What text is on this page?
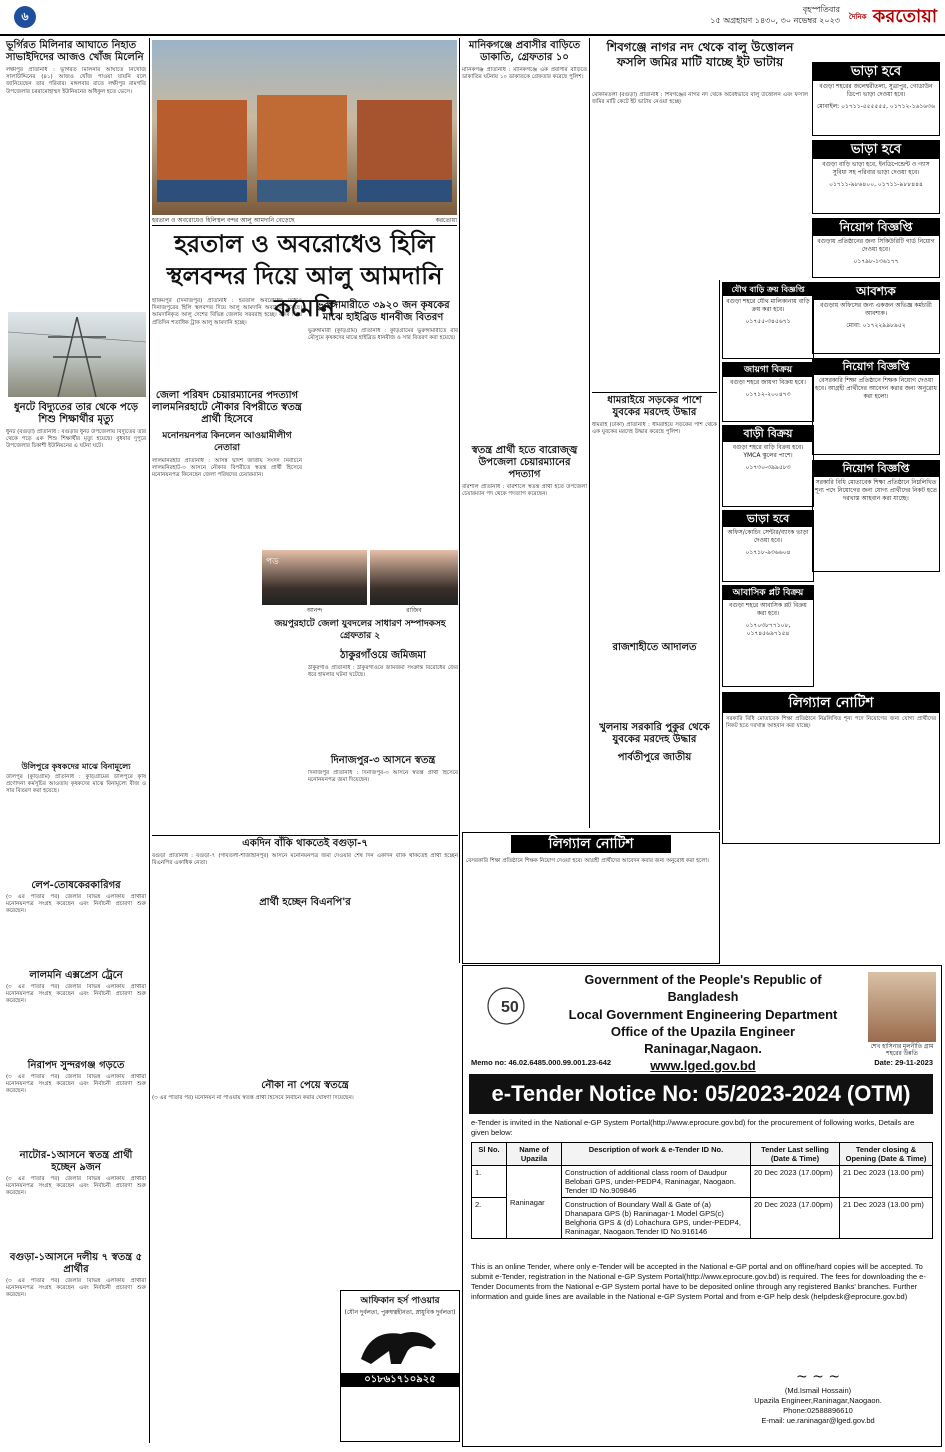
৬
বৃহস্পতিবার
১৫ অগ্রহায়ণ ১৪৩০, ৩০ নভেম্বর ২০২৩ $^{দৈনিক}$ করতোয়া
ভূর্গিরত মিলিনার আঘাতে নিহাত সাভাইদিদের আজও খোঁজ মিলেনি
লক্ষীপুর প্রতিনিধি : ভূর্গিরত মিলিনার আঘাতে নিখোঁজ সালাউদ্দিনের (৪১) আজও খোঁজ পাওয়া যায়নি বলে জানিয়েছেন তার পরিবার। মঙ্গলবার রাতে লক্ষীপুর রামগতি উপজেলার চররামোহাম্মদ ইউনিয়নের অধিকুল হতে ভেসে।
ধুনটে বিদ্যুতের তার থেকে পড়ে শিশু শিক্ষার্থীর মৃত্যু
ধুনট (বগুড়া) প্রতিনিধি : বগুড়ার ধুনট উপজেলায় বিদ্যুতের তার থেকে পড়ে এক শিশু শিক্ষার্থীর মৃত্যু হয়েছে। বুধবার দুপুরে উপজেলার চিকাশী ইউনিয়নের এ ঘটনা ঘটে।
উলিপুরে কৃষকদের মাঝে বিনামূল্যে
উলিপুর (কুড়িগ্রাম) প্রতিনিধি : কুড়িগ্রামের উলিপুরে কৃষি প্রণোদনা কর্মসূচির আওতায় কৃষকদের মাঝে বিনামূল্যে বীজ ও সার বিতরণ করা হয়েছে।
হরতাল ও অবরোধেও হিলিস্থল বন্দর আলু আমদানি বেড়েছে	করতোয়া
হরতাল ও অবরোধেও হিলি স্থলবন্দর দিয়ে আলু আমদানি কমেনি
হাকিমপুর (দিনাজপুর) প্রতিনিধি : হরতাল অবরোধের মধ্যেও দিনাজপুরের হিলি স্থলবন্দর দিয়ে আলু আমদানি অব্যাহত রয়েছে। আমদানিকৃত আলু দেশের বিভিন্ন জেলায় সরবরাহ হচ্ছে। বন্দর দিয়ে প্রতিদিন শতাধিক ট্রাক আলু আমদানি হচ্ছে।
জেলা পরিষদ চেয়ারম্যানের পদত্যাগ লালমনিরহাটে নৌকার বিপরীতে স্বতন্ত্র প্রার্থী হিসেবে
মনোনয়নপত্র কিনলেন আওয়ামীলীগ নেতারা
লালমনিরহাট প্রতিনিধি : আসন্ন দ্বাদশ জাতীয় সংসদ নির্বাচনে লালমনিরহাট-৩ আসনে নৌকার বিপরীতে স্বতন্ত্র প্রার্থী হিসেবে মনোনয়নপত্র কিনেছেন জেলা পরিষদের চেয়ারম্যান।
ভুরুঙ্গামারীতে ৩৯২০ জন কৃষকের মাঝে হাইব্রিড ধানবীজ বিতরণ
ভুরুঙ্গামারী (কুড়িগ্রাম) প্রতিনিধি : কুড়িগ্রামের ভুরুঙ্গামারীতে রবি মৌসুমে কৃষকদের মাঝে হাইব্রিড ধানবীজ ও সার বিতরণ করা হয়েছে।
পড
আনন্দ	রাজিব
জয়পুরহাটে জেলা যুবদলের সাধারণ সম্পাদকসহ গ্রেফতার ২
ঠাকুরগাঁওয়ে জমিজমা
ঠাকুরগাঁও প্রতিনিধি : ঠাকুরগাঁওয়ে জমিজমা সংক্রান্ত বিরোধের জের ধরে হামলার ঘটনা ঘটেছে।
দিনাজপুর-৩ আসনে স্বতন্ত্র
দিনাজপুর প্রতিনিধি : দিনাজপুর-৩ আসনে স্বতন্ত্র প্রার্থী হিসেবে মনোনয়নপত্র জমা দিয়েছেন।
একদিন বাঁকি থাকতেই বগুড়া-৭
বগুড়া প্রতিনিধি : বগুড়া-৭ (গাবতলী-শাজাহানপুর) আসনে মনোনয়নপত্র জমা দেওয়ার শেষ দিন একদিন বাকি থাকতেই প্রার্থী হচ্ছেন বিএনপির একাধিক নেতা।
প্রার্থী হচ্ছেন বিএনপি'র
নৌকা না পেয়ে স্বতন্ত্রে
(৩ এর পাতার পর) মনোনয়ন না পাওয়ায় স্বতন্ত্র প্রার্থী হিসেবে নির্বাচন করার ঘোষণা দিয়েছেন।
লেপ-তোষকেরকারিগর
(৩ এর পাতার পর) জেলার বিভিন্ন এলাকায় প্রার্থীরা মনোনয়নপত্র সংগ্রহ করেছেন এবং নির্বাচনী প্রচারণা শুরু করেছেন।
লালমনি এক্সপ্রেস ট্রেনে
(৩ এর পাতার পর) জেলার বিভিন্ন এলাকায় প্রার্থীরা মনোনয়নপত্র সংগ্রহ করেছেন এবং নির্বাচনী প্রচারণা শুরু করেছেন।
নিরাপদ সুন্দরগঞ্জ গড়তে
(৩ এর পাতার পর) জেলার বিভিন্ন এলাকায় প্রার্থীরা মনোনয়নপত্র সংগ্রহ করেছেন এবং নির্বাচনী প্রচারণা শুরু করেছেন।
নাটোর-১আসনে স্বতন্ত্র প্রার্থী হচ্ছেন ৯জন
(৩ এর পাতার পর) জেলার বিভিন্ন এলাকায় প্রার্থীরা মনোনয়নপত্র সংগ্রহ করেছেন এবং নির্বাচনী প্রচারণা শুরু করেছেন।
বগুড়া-১আসনে দলীয় ৭ স্বতন্ত্র ৫ প্রার্থীর
(৩ এর পাতার পর) জেলার বিভিন্ন এলাকায় প্রার্থীরা মনোনয়নপত্র সংগ্রহ করেছেন এবং নির্বাচনী প্রচারণা শুরু করেছেন।
মানিকগঞ্জে প্রবাসীর বাড়িতে ডাকাতি, গ্রেফতার ১০
মানিকগঞ্জ প্রতিনিধি : মানিকগঞ্জে এক প্রবাসীর বাড়িতে ডাকাতির ঘটনায় ১০ ডাকাতকে গ্রেফতার করেছে পুলিশ।
স্বতন্ত্র প্রার্থী হতে বারোজ্জ্ব উপজেলা চেয়ারম্যানের পদত্যাগ
বরিশাল প্রতিনিধি : বরিশালে স্বতন্ত্র প্রার্থী হতে উপজেলা চেয়ারম্যান পদ থেকে পদত্যাগ করেছেন।
শিবগঞ্জে নাগর নদ থেকে বালু উত্তোলন ফসলি জমির মাটি যাচ্ছে ইট ভাটায়
মোকামতলা (বগুড়া) প্রতিনিধি : শিবগঞ্জের নাগর নদ থেকে অবৈধভাবে বালু উত্তোলন এবং ফসলি জমির মাটি কেটে ইট ভাটায় নেওয়া হচ্ছে।
ধামরাইয়ে সড়কের পাশে যুবকের মরদেহ উদ্ধার
ধামরাই (ঢাকা) প্রতিনিধি : ধামরাইয়ে সড়কের পাশ থেকে এক যুবকের মরদেহ উদ্ধার করেছে পুলিশ।
রাজশাহীতে আদালত
খুলনায় সরকারি পুকুর থেকে যুবকের মরদেহ উদ্ধার
পার্বতীপুরে জাতীয়
ভাড়া হবে
বগুড়া শহরের জলেশ্বরীতলা, সুত্রাপুর, গোডাউন ডিপো ভাড়া দেওয়া হবে।
মোবাইল: ০১৭১১-৫৫৫৫৫৫, ০১৭১২-১৬১৬৩৬
ভাড়া হবে
বগুড়া বাড়ি ভাড়া হবে, ইনডিপেন্ডেন্ট ও গ্যাস সুবিধা সহ পরিবার ভাড়া দেওয়া হবে।
০১৭১১-৯৮৬৪০০, ০১৭১১-৯৮৮৪৪৪
নিয়োগ বিজ্ঞপ্তি
বগুড়ায় প্রতিষ্ঠানের জন্য সিকিউরিটি গার্ড নিয়োগ দেওয়া হবে।
০১৭৯৮-১৩৬১৭৭
যৌথ বাড়ি ক্রয় বিজ্ঞপ্তি
বগুড়া শহরে যৌথ মালিকানায় বাড়ি ক্রয় করা হবে।
০১৭৫৫-৩৪৫৬৭১
আবশ্যক
বগুড়ায় অফিসের জন্য একজন অভিজ্ঞ কর্মচারী আবশ্যক।
মোবা: ০১৭২২৯৯৮৯৫২
জায়গা বিক্রয়
বগুড়া শহরে জায়গা বিক্রয় হবে।
০১৭১২-২০০৪৭৩
নিয়োগ বিজ্ঞপ্তি
বেসরকারি শিক্ষা প্রতিষ্ঠানে শিক্ষক নিয়োগ দেওয়া হবে। আগ্রহী প্রার্থীদের আবেদন করার জন্য অনুরোধ করা হলো।
বাড়ী বিক্রয়
বগুড়া শহরে বাড়ি বিক্রয় হবে। YMCA স্কুলের পাশে।
০১৭৩০-৩৯৯৫৮৩	নিয়োগ বিজ্ঞপ্তি
সরকারি বিধি মোতাবেক শিক্ষা প্রতিষ্ঠানে নিম্নলিখিত শূন্য পদে নিয়োগের জন্য যোগ্য প্রার্থীদের নিকট হতে দরখাস্ত আহবান করা যাচ্ছে।
ভাড়া হবে
অফিস/কোচিং সেন্টার/ব্যাংক ভাড়া দেওয়া হবে।
০১৭১৮-৯৩৬৬০৪
আবাসিক প্লট বিক্রয়
বগুড়া শহরে আবাসিক প্লট বিক্রয় করা হবে।
০১৭০৩৮৭৭১০৮, ০১৭৪৫৬৯৭১৫৪
লিগ্যাল নোটিশ
সরকারি বিধি মোতাবেক শিক্ষা প্রতিষ্ঠানে নিম্নলিখিত শূন্য পদে নিয়োগের জন্য যোগ্য প্রার্থীদের নিকট হতে দরখাস্ত আহবান করা যাচ্ছে।
লিগ্যাল নোটিশ
বেসরকারি শিক্ষা প্রতিষ্ঠানে শিক্ষক নিয়োগ দেওয়া হবে। আগ্রহী প্রার্থীদের আবেদন করার জন্য অনুরোধ করা হলো।
50
Government of the People's Republic of Bangladesh
Local Government Engineering Department
Office of the Upazila Engineer
Raninagar,Nagaon.
www.lged.gov.bd
শেখ হাসিনার মূলনীতি গ্রাম শহরের উন্নতি
Memo no: 46.02.6485.000.99.001.23-642	Date: 29-11-2023
e-Tender Notice No: 05/2023-2024 (OTM)
e-Tender is invited in the National e-GP System Portal(http://www.eprocure.gov.bd) for the procurement of following works, Details are given below:
Sl No.	Name of Upazila	Description of work & e-Tender ID No.	Tender Last selling (Date & Time)	Tender closing & Opening (Date & Time)
1.	Raninagar	Construction of additional class room of Daudpur Belobari GPS, under-PEDP4, Raninagar, Naogaon. Tender ID No.909846	20 Dec 2023 (17.00pm)	21 Dec 2023 (13.00 pm)
2.		Construction of Boundary Wall & Gate of (a) Dhanapara GPS (b) Raninagar-1 Model GPS(c) Belghoria GPS & (d) Lohachura GPS, under-PEDP4, Raninagar, Naogaon.Tender ID No.916146	20 Dec 2023 (17.00pm)	21 Dec 2023 (13.00 pm)
This is an online Tender, where only e-Tender will be accepted in the National e-GP portal and on offline/hard copies will be accepted. To submit e-Tender, registration in the National e-GP System Portal(http://www.eprocure.gov.bd) is required. The fees for downloading the e-Tender Documents from the National e-GP System portal have to be deposited online through any registered Banks' branches. Further information and guide lines are available in the National e-GP System Portal and from e-GP help desk (helpdesk@eprocure.gov.bd)
~ ~ ~
(Md.Ismail Hossain)
Upazila Engineer,Raninagar,Naogaon.
Phone:02588896610
E-mail: ue.raninagar@lged.gov.bd
আফিকান হর্স পাওয়ার
(যৌন দুর্বলতা, পুরুষত্বহীনতা, স্নায়ুবিক দুর্বলতা)
০১৮৬১৭১০৯২৫
